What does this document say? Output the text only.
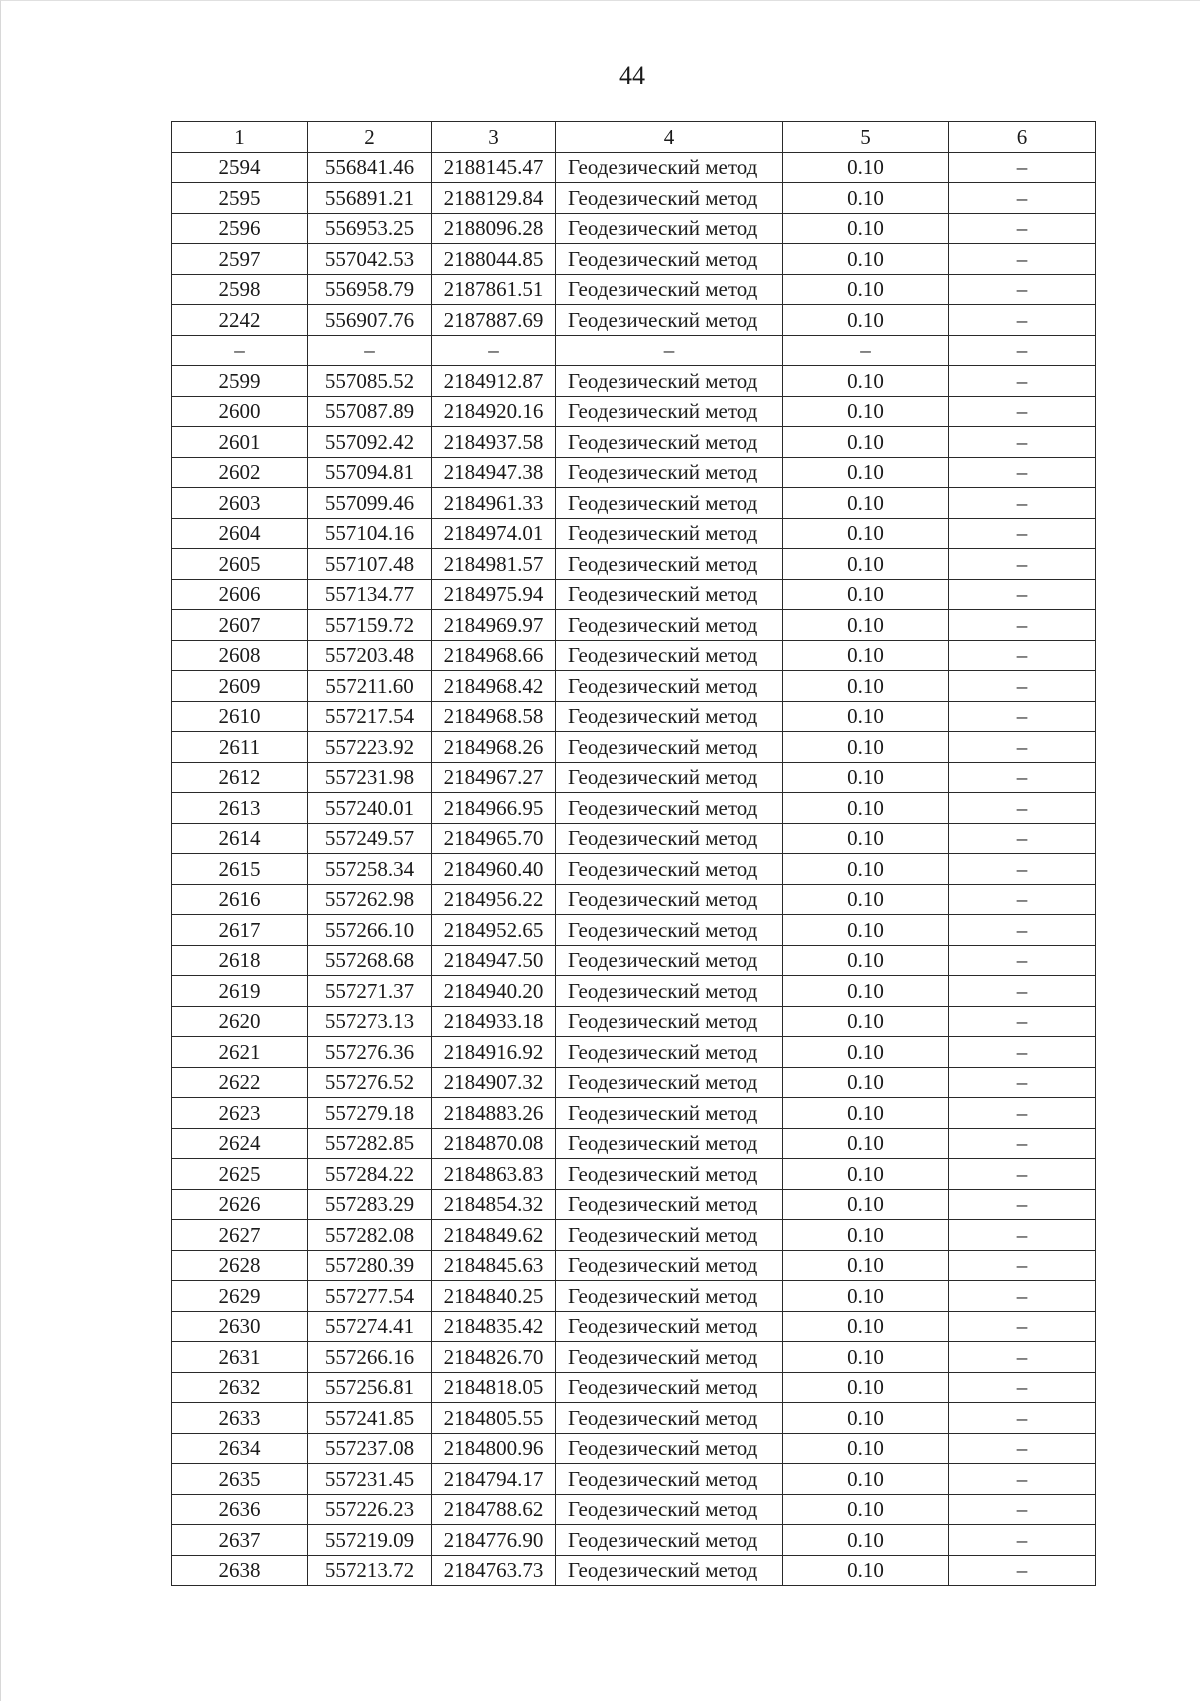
44
1	2	3	4	5	6
2594	556841.46	2188145.47	Геодезический метод	0.10	–
2595	556891.21	2188129.84	Геодезический метод	0.10	–
2596	556953.25	2188096.28	Геодезический метод	0.10	–
2597	557042.53	2188044.85	Геодезический метод	0.10	–
2598	556958.79	2187861.51	Геодезический метод	0.10	–
2242	556907.76	2187887.69	Геодезический метод	0.10	–
–	–	–	–	–	–
2599	557085.52	2184912.87	Геодезический метод	0.10	–
2600	557087.89	2184920.16	Геодезический метод	0.10	–
2601	557092.42	2184937.58	Геодезический метод	0.10	–
2602	557094.81	2184947.38	Геодезический метод	0.10	–
2603	557099.46	2184961.33	Геодезический метод	0.10	–
2604	557104.16	2184974.01	Геодезический метод	0.10	–
2605	557107.48	2184981.57	Геодезический метод	0.10	–
2606	557134.77	2184975.94	Геодезический метод	0.10	–
2607	557159.72	2184969.97	Геодезический метод	0.10	–
2608	557203.48	2184968.66	Геодезический метод	0.10	–
2609	557211.60	2184968.42	Геодезический метод	0.10	–
2610	557217.54	2184968.58	Геодезический метод	0.10	–
2611	557223.92	2184968.26	Геодезический метод	0.10	–
2612	557231.98	2184967.27	Геодезический метод	0.10	–
2613	557240.01	2184966.95	Геодезический метод	0.10	–
2614	557249.57	2184965.70	Геодезический метод	0.10	–
2615	557258.34	2184960.40	Геодезический метод	0.10	–
2616	557262.98	2184956.22	Геодезический метод	0.10	–
2617	557266.10	2184952.65	Геодезический метод	0.10	–
2618	557268.68	2184947.50	Геодезический метод	0.10	–
2619	557271.37	2184940.20	Геодезический метод	0.10	–
2620	557273.13	2184933.18	Геодезический метод	0.10	–
2621	557276.36	2184916.92	Геодезический метод	0.10	–
2622	557276.52	2184907.32	Геодезический метод	0.10	–
2623	557279.18	2184883.26	Геодезический метод	0.10	–
2624	557282.85	2184870.08	Геодезический метод	0.10	–
2625	557284.22	2184863.83	Геодезический метод	0.10	–
2626	557283.29	2184854.32	Геодезический метод	0.10	–
2627	557282.08	2184849.62	Геодезический метод	0.10	–
2628	557280.39	2184845.63	Геодезический метод	0.10	–
2629	557277.54	2184840.25	Геодезический метод	0.10	–
2630	557274.41	2184835.42	Геодезический метод	0.10	–
2631	557266.16	2184826.70	Геодезический метод	0.10	–
2632	557256.81	2184818.05	Геодезический метод	0.10	–
2633	557241.85	2184805.55	Геодезический метод	0.10	–
2634	557237.08	2184800.96	Геодезический метод	0.10	–
2635	557231.45	2184794.17	Геодезический метод	0.10	–
2636	557226.23	2184788.62	Геодезический метод	0.10	–
2637	557219.09	2184776.90	Геодезический метод	0.10	–
2638	557213.72	2184763.73	Геодезический метод	0.10	–
